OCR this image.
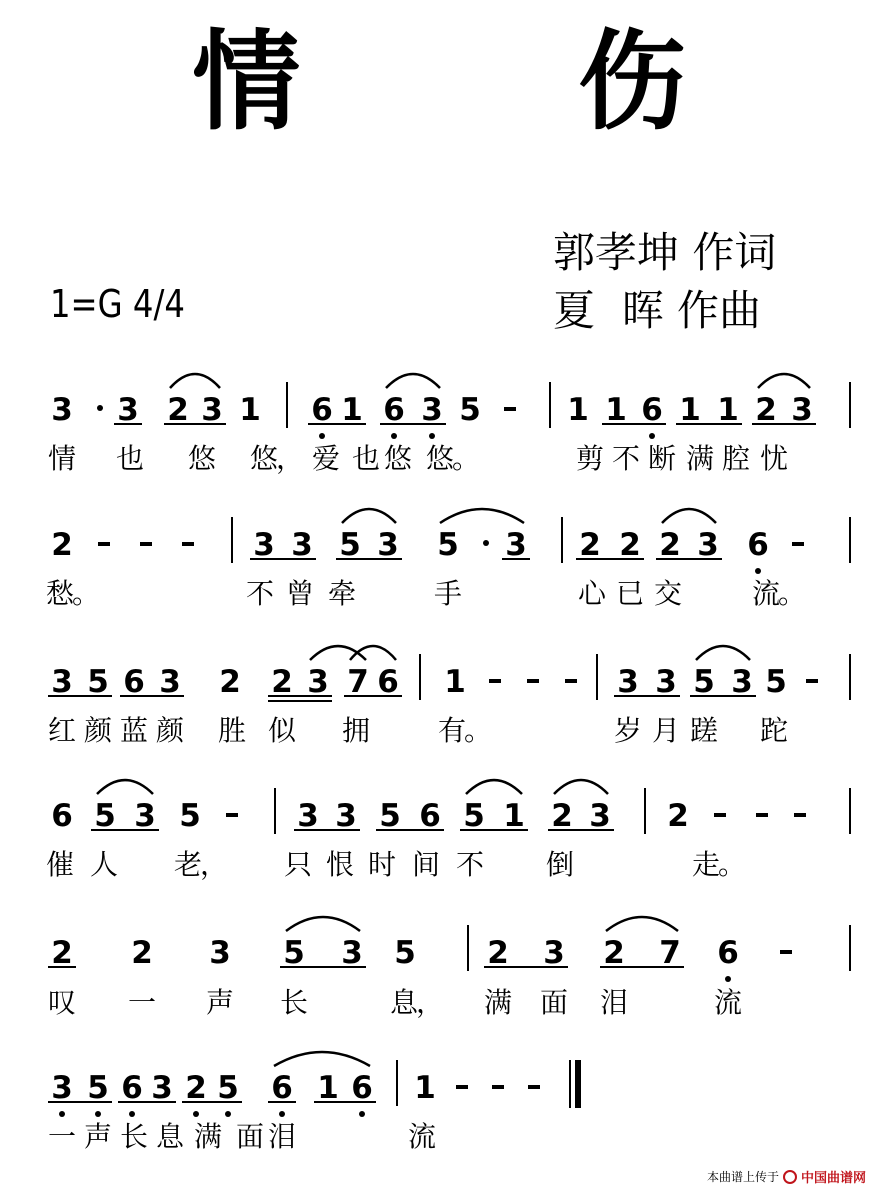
情 伤
郭孝坤 作词
夏  晖 作曲
1=G 4/4
3 3 2 3 1 6 1 6 3 5	1 1 6 1 1 2 3
情 也 悠 悠
， 爱 也 悠 悠
。	剪 不 断 满 腔 忧
2	3 3 5 3 5 3 2 2 2 3 6
愁
。	不 曾 牵	手	心 已 交 流
。
3 5 6 3 2 2 3 7 6 1	3 3 5 3 5
红 颜 蓝 颜 胜 似 拥 有
。	岁 月 蹉 跎
6 5 3 5	3 3 5 6 5 1 2 3 2
催 人 老
， 只 恨 时 间 不 倒	走
。
2 2 3 5 3 5 2 3 2 7 6
叹 一 声 长	息
， 满 面 泪	流
3 5 6 3 2 5 6 1 6 1
一 声 长 息 满 面 泪	流
本曲谱上传于 中国曲谱网
